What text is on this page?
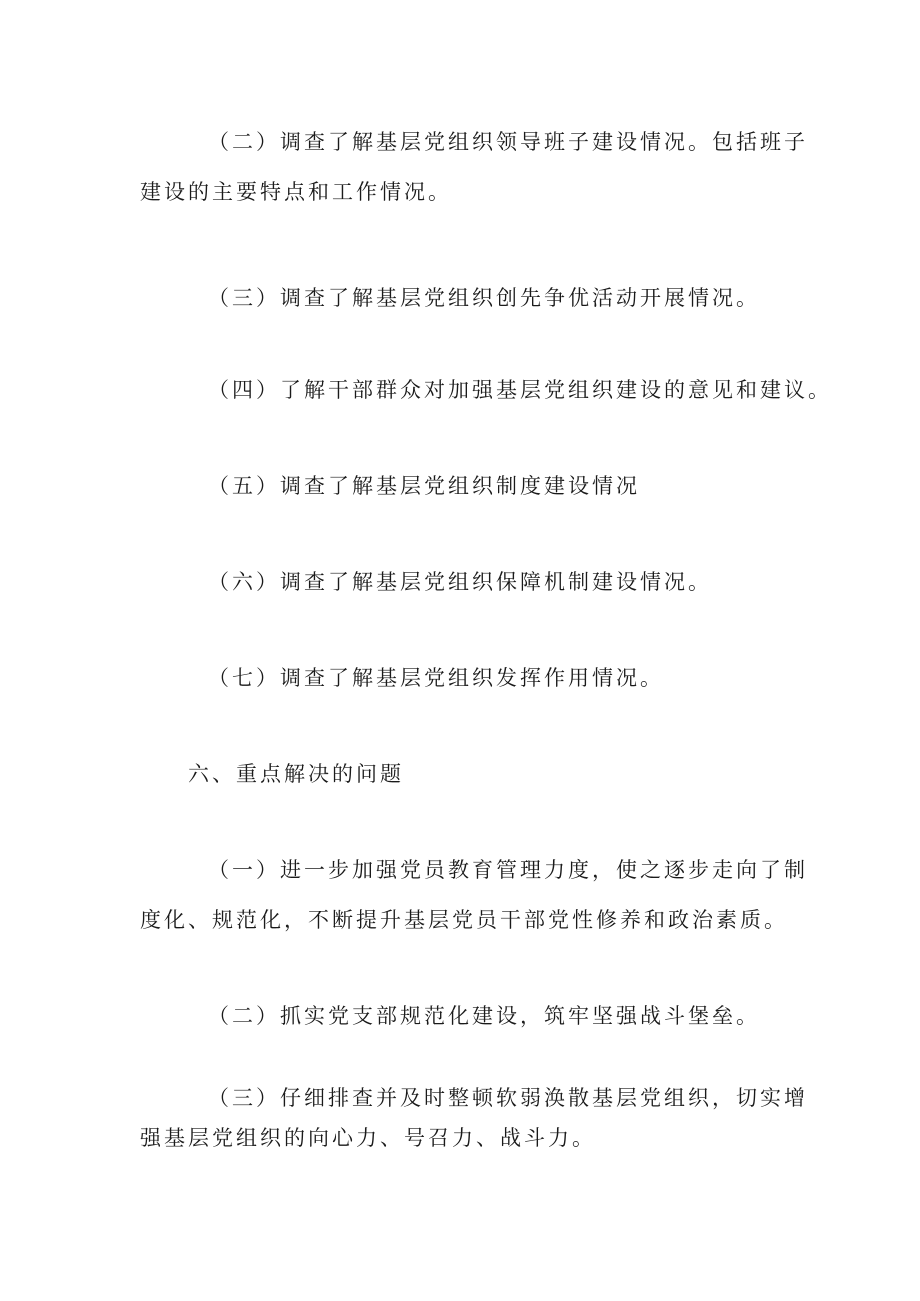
（二）调查了解基层党组织领导班子建设情况。包括班子
建设的主要特点和工作情况。
（三）调查了解基层党组织创先争优活动开展情况。
（四）了解干部群众对加强基层党组织建设的意见和建议。
（五）调查了解基层党组织制度建设情况
（六）调查了解基层党组织保障机制建设情况。
（七）调查了解基层党组织发挥作用情况。
六、重点解决的问题
（一）进一步加强党员教育管理力度，使之逐步走向了制
度化、规范化，不断提升基层党员干部党性修养和政治素质。
（二）抓实党支部规范化建设，筑牢坚强战斗堡垒。
（三）仔细排查并及时整顿软弱涣散基层党组织，切实增
强基层党组织的向心力、号召力、战斗力。
